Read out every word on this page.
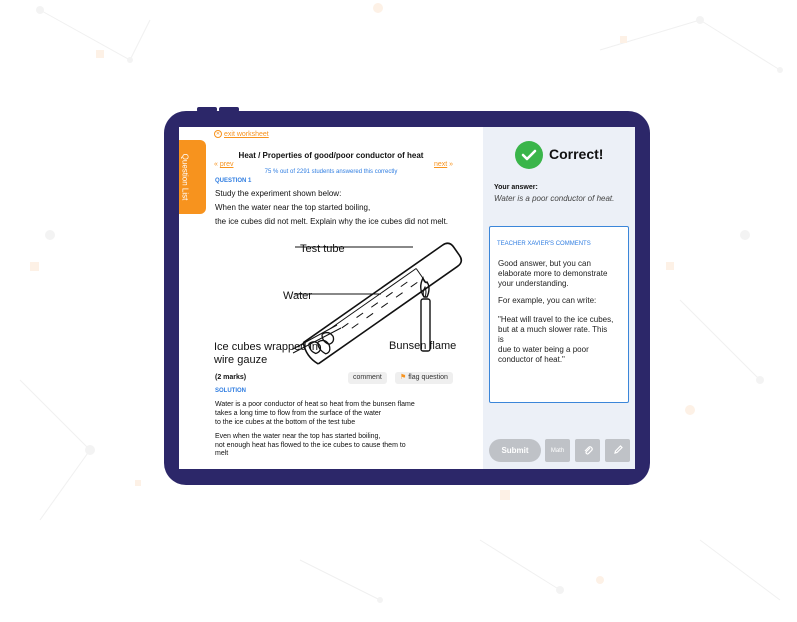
Question List
✕ exit worksheet
Heat / Properties of good/poor conductor of heat
« prev	next »
75 % out of 2291 students answered this correctly
QUESTION 1
Study the experiment shown below:
When the water near the top started boiling,
the ice cubes did not melt. Explain why the ice cubes did not melt.
Test tube
Water
Ice cubes wrapped in
wire gauze
Bunsen flame
(2 marks)	comment	⚑ flag question
SOLUTION
Water is a poor conductor of heat so heat from the bunsen flame
takes a long time to flow from the surface of the water
to the ice cubes at the bottom of the test tube
Even when the water near the top has started boiling,
not enough heat has flowed to the ice cubes to cause them to
melt
Correct!
Your answer:
Water is a poor conductor of heat.
TEACHER XAVIER'S COMMENTS
Good answer, but you can
elaborate more to demonstrate
your understanding.
For example, you can write:
"Heat will travel to the ice cubes,
but at a much slower rate. This
is
due to water being a poor
conductor of heat."
Submit	Math
